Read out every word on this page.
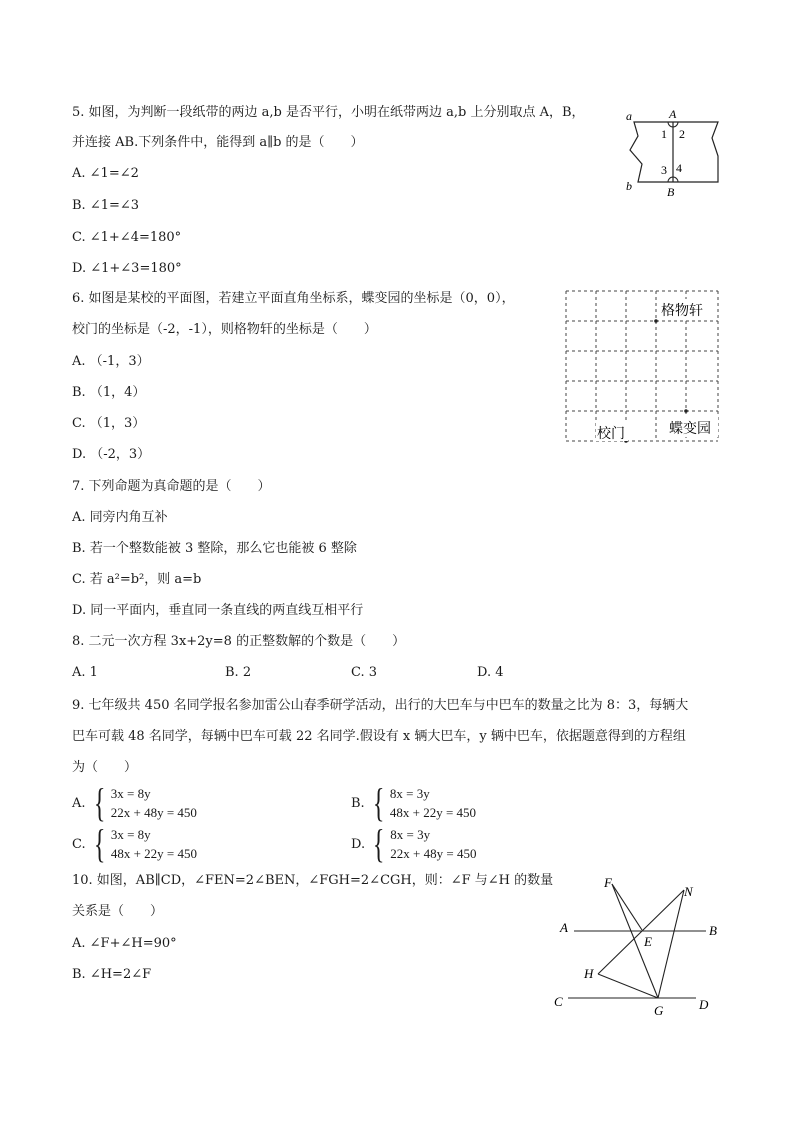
5. 如图，为判断一段纸带的两边 a,b 是否平行，小明在纸带两边 a,b 上分别取点 A，B，
并连接 AB.下列条件中，能得到 a∥b 的是（　　）
A. ∠1=∠2
B. ∠1=∠3
C. ∠1+∠4=180°
D. ∠1+∠3=180°
a	A
1 2
3 4
b	B
6. 如图是某校的平面图，若建立平面直角坐标系，蝶变园的坐标是（0，0），
校门的坐标是（-2，-1），则格物轩的坐标是（　　）
A. （-1，3）
B. （1，4）
C. （1，3）
D. （-2，3）
格物轩
蝶变园
校门
7. 下列命题为真命题的是（　　）
A. 同旁内角互补
B. 若一个整数能被 3 整除，那么它也能被 6 整除
C. 若 a²=b²，则 a=b
D. 同一平面内，垂直同一条直线的两直线互相平行
8. 二元一次方程 3x+2y=8 的正整数解的个数是（　　）
A. 1	B. 2	C. 3	D. 4
9. 七年级共 450 名同学报名参加雷公山春季研学活动，出行的大巴车与中巴车的数量之比为 8：3，每辆大
巴车可载 48 名同学，每辆中巴车可载 22 名同学.假设有 x 辆大巴车，y 辆中巴车，依据题意得到的方程组
为（　　）
A. { 3x = 8y
22x + 48y = 450
B. { 8x = 3y
48x + 22y = 450
C. { 3x = 8y
48x + 22y = 450
D. { 8x = 3y
22x + 48y = 450
10. 如图，AB∥CD，∠FEN=2∠BEN，∠FGH=2∠CGH，则：∠F 与∠H 的数量
关系是（　　）
A. ∠F+∠H=90°
B. ∠H=2∠F
F
N
A
E
B
H
C
G	D
